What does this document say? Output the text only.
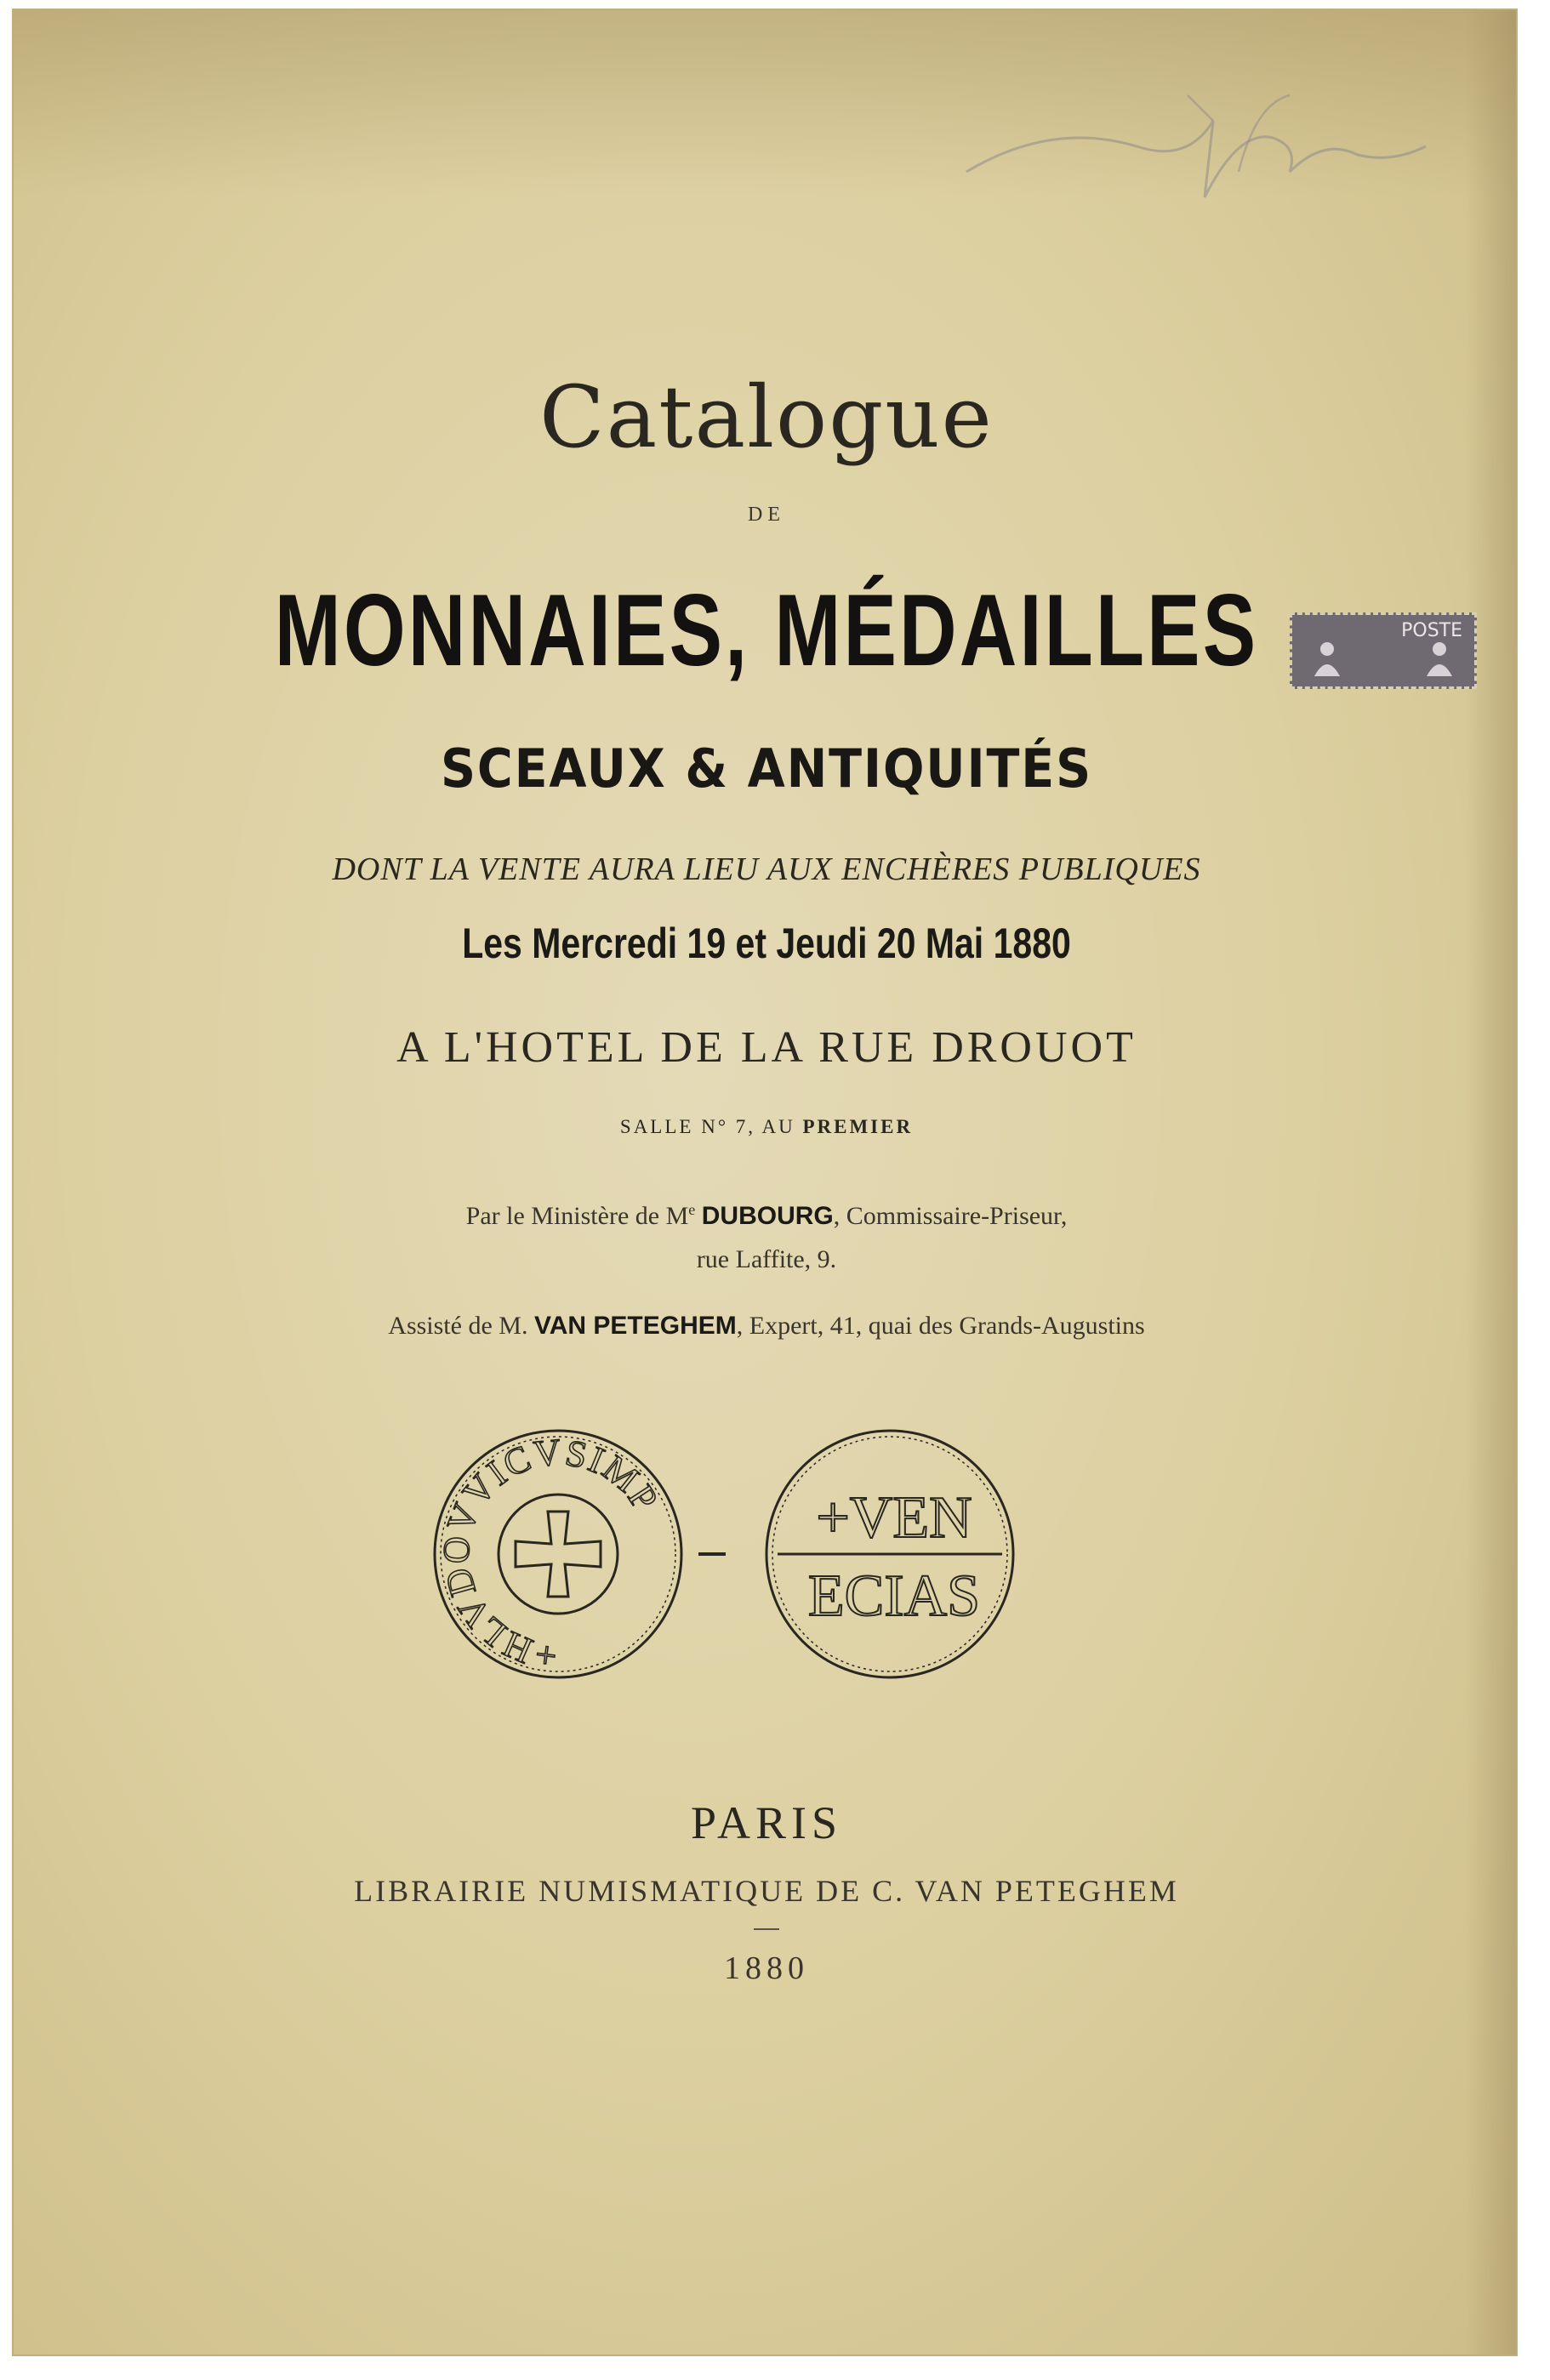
Catalogue
DE
MONNAIES, MÉDAILLES
SCEAUX & ANTIQUITÉS
DONT LA VENTE AURA LIEU AUX ENCHÈRES PUBLIQUES
Les Mercredi 19 et Jeudi 20 Mai 1880
A L'HOTEL DE LA RUE DROUOT
SALLE N° 7, AU PREMIER
Par le Ministère de Me DUBOURG, Commissaire-Priseur,
rue Laffite, 9.
Assisté de M. VAN PETEGHEM, Expert, 41, quai des Grands-Augustins
+HLVDOVVICVSIMP	+VEN
ECIAS
PARIS
LIBRAIRIE NUMISMATIQUE DE C. VAN PETEGHEM
1880
POSTE
